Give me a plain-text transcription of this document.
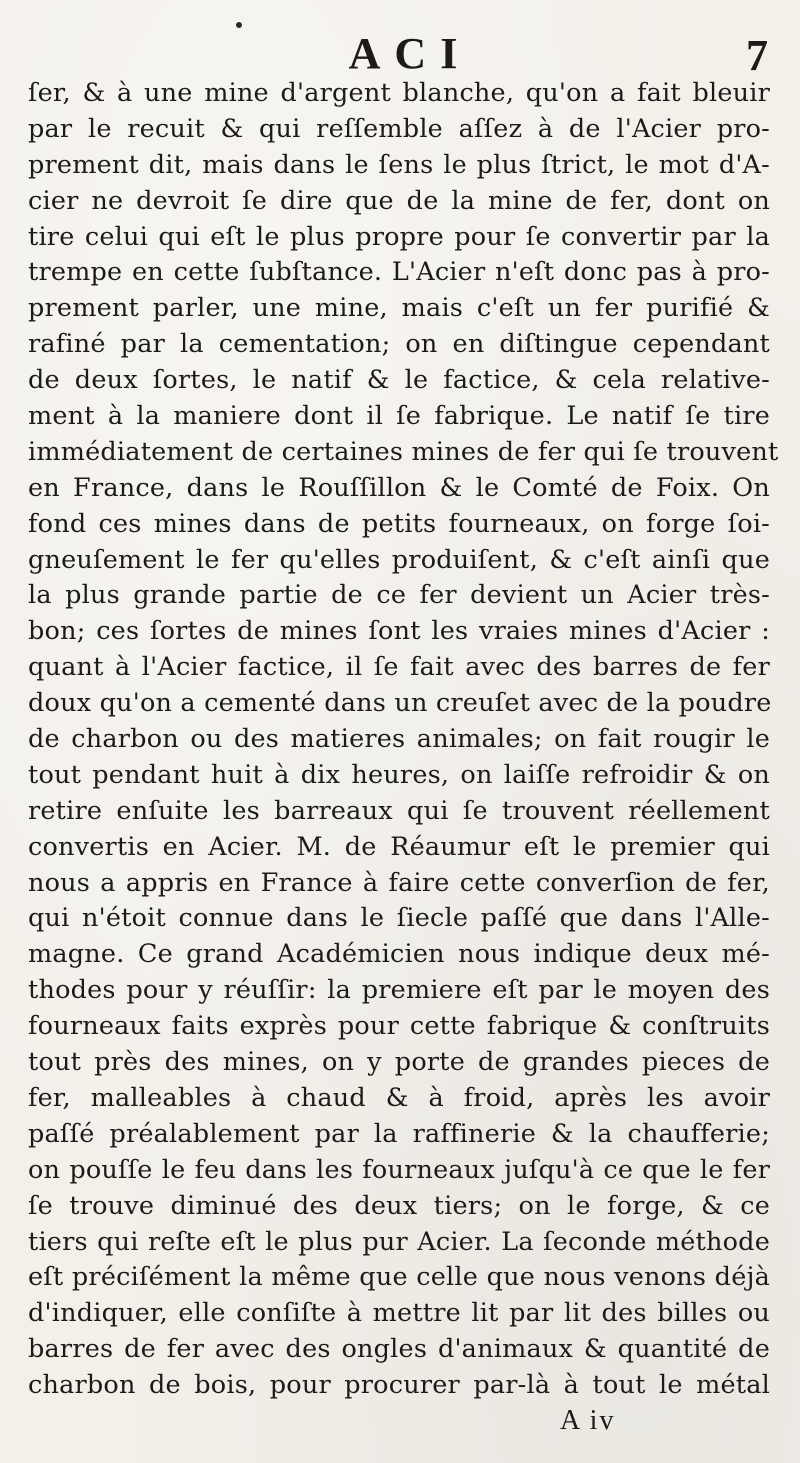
ACI	7
ſer, & à une mine d'argent blanche, qu'on a fait bleuir
par le recuit & qui reſſemble aſſez à de l'Acier pro-
prement dit, mais dans le ſens le plus ſtrict, le mot d'A-
cier ne devroit ſe dire que de la mine de fer, dont on
tire celui qui eſt le plus propre pour ſe convertir par la
trempe en cette ſubſtance. L'Acier n'eſt donc pas à pro-
prement parler, une mine, mais c'eſt un fer purifié &
rafiné par la cementation; on en diſtingue cependant
de deux ſortes, le natif & le factice, & cela relative-
ment à la maniere dont il ſe fabrique. Le natif ſe tire
immédiatement de certaines mines de fer qui ſe trouvent
en France, dans le Rouſſillon & le Comté de Foix. On
fond ces mines dans de petits fourneaux, on forge ſoi-
gneuſement le fer qu'elles produiſent, & c'eſt ainſi que
la plus grande partie de ce fer devient un Acier très-
bon; ces ſortes de mines ſont les vraies mines d'Acier :
quant à l'Acier factice, il ſe fait avec des barres de fer
doux qu'on a cementé dans un creuſet avec de la poudre
de charbon ou des matieres animales; on fait rougir le
tout pendant huit à dix heures, on laiſſe refroidir & on
retire enſuite les barreaux qui ſe trouvent réellement
convertis en Acier. M. de Réaumur eſt le premier qui
nous a appris en France à faire cette converſion de fer,
qui n'étoit connue dans le ſiecle paſſé que dans l'Alle-
magne. Ce grand Académicien nous indique deux mé-
thodes pour y réuſſir: la premiere eſt par le moyen des
fourneaux faits exprès pour cette fabrique & conſtruits
tout près des mines, on y porte de grandes pieces de
fer, malleables à chaud & à froid, après les avoir
paſſé préalablement par la raffinerie & la chaufferie;
on pouſſe le feu dans les fourneaux juſqu'à ce que le fer
ſe trouve diminué des deux tiers; on le forge, & ce
tiers qui reſte eſt le plus pur Acier. La ſeconde méthode
eſt préciſément la même que celle que nous venons déjà
d'indiquer, elle conſiſte à mettre lit par lit des billes ou
barres de fer avec des ongles d'animaux & quantité de
charbon de bois, pour procurer par-là à tout le métal
A iv
